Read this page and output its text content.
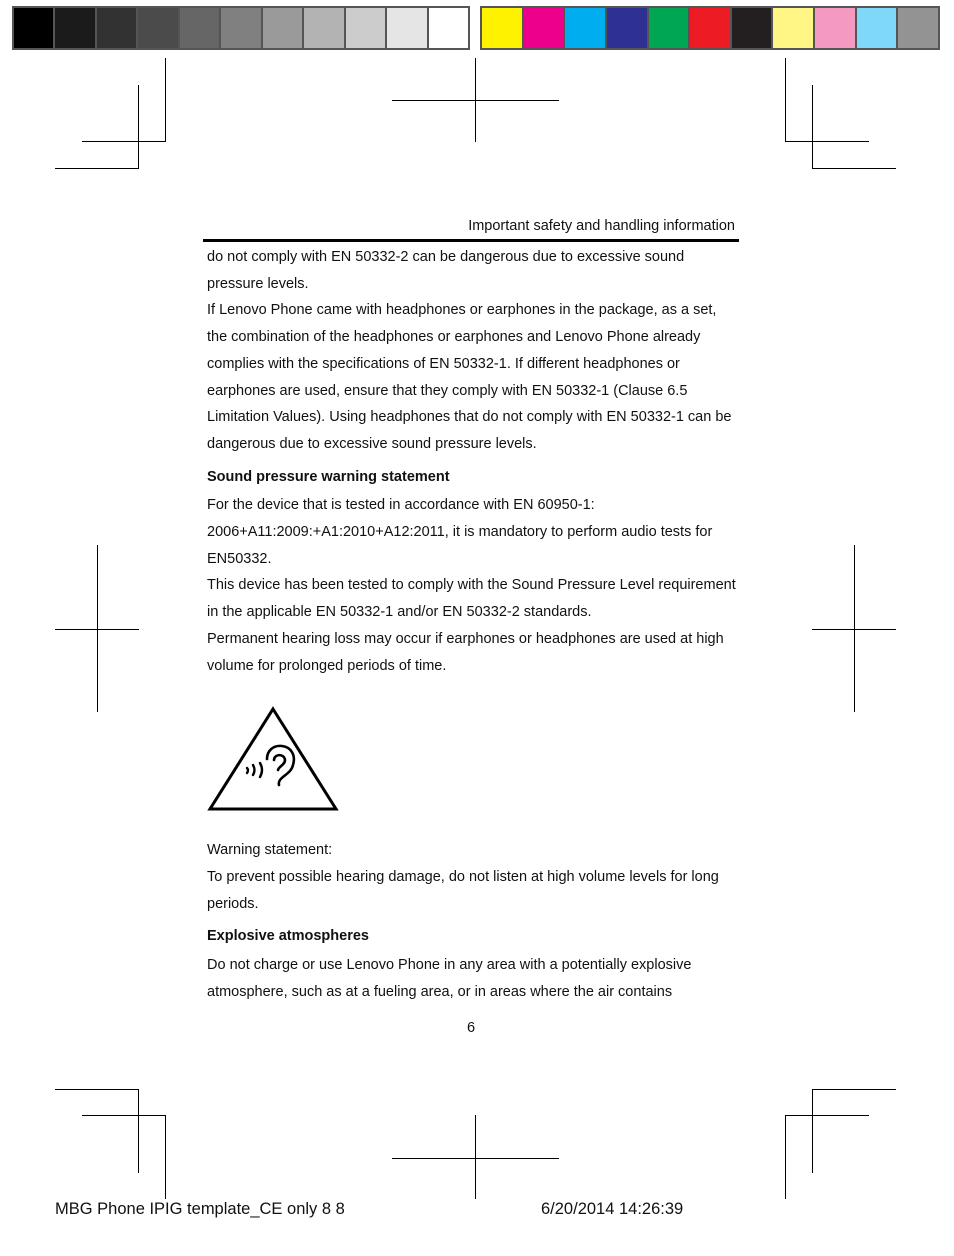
Important safety and handling information

do not comply with EN 50332-2 can be dangerous due to excessive sound pressure levels.

If Lenovo Phone came with headphones or earphones in the package, as a set, the combination of the headphones or earphones and Lenovo Phone already complies with the specifications of EN 50332-1. If different headphones or earphones are used, ensure that they comply with EN 50332-1 (Clause 6.5 Limitation Values). Using headphones that do not comply with EN 50332-1 can be dangerous due to excessive sound pressure levels.

Sound pressure warning statement

For the device that is tested in accordance with EN 60950-1: 2006+A11:2009:+A1:2010+A12:2011, it is mandatory to perform audio tests for EN50332.

This device has been tested to comply with the Sound Pressure Level requirement in the applicable EN 50332-1 and/or EN 50332-2 standards.

Permanent hearing loss may occur if earphones or headphones are used at high volume for prolonged periods of time.

Warning statement:

To prevent possible hearing damage, do not listen at high volume levels for long periods.

Explosive atmospheres

Do not charge or use Lenovo Phone in any area with a potentially explosive atmosphere, such as at a fueling area, or in areas where the air contains

6
MBG Phone IPIG template_CE only 8 8	6/20/2014 14:26:39
